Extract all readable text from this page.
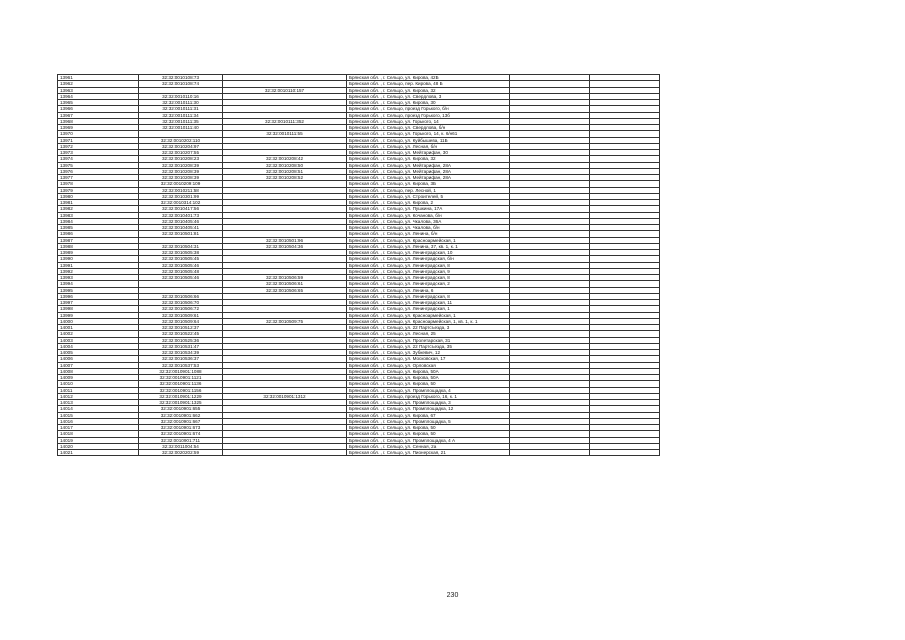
13961	32:32:0010108:73		Брянская обл. , г. Сельцо, ул. Кирова, 42Б		
13962	32:32:0010108:74		Брянская обл. , г. Сельцо, пер. Кирова, 48 Б		
13963		32:32:0010110:157	Брянская обл. , г. Сельцо, ул. Кирова, 32		
13964	32:32:0010110:16		Брянская обл. , г. Сельцо, ул. Свердлова, 3		
13965	32:32:0010111:30		Брянская обл. , г. Сельцо, ул. Кирова, 30		
13966	32:32:0010111:31		Брянская обл. , г. Сельцо, проезд Горького, б/н		
13967	32:32:0010111:34		Брянская обл. , г. Сельцо, проезд Горького, 13б		
13968	32:32:0010111:35	32:32:0010111:352	Брянская обл. , г. Сельцо, ул. Горького, 14		
13969	32:32:0010111:40		Брянская обл. , г. Сельцо, ул. Свердлова, б/н		
13970		32:32:0010111:55	Брянская обл. , г. Сельцо, ул. Горького, 14, к. 6/н61		
13971	32:32:0010202:110		Брянская обл. , г. Сельцо, ул. Куйбышева, 11Б		
13972	32:32:0010204:97		Брянская обл. , г. Сельцо, ул. Лесная, б/н		
13973	32:32:0010207:55		Брянская обл. , г. Сельцо, ул. Мейтарифан, 30		
13974	32:32:0010208:23	32:32:0010208:42	Брянская обл. , г. Сельцо, ул. Кирова, 32		
13975	32:32:0010208:39	32:32:0010208:50	Брянская обл. , г. Сельцо, ул. Мейтарифан, 28А		
13976	32:32:0010208:39	32:32:0010208:51	Брянская обл. , г. Сельцо, ул. Мейтарифан, 28А		
13977	32:32:0010208:39	32:32:0010208:52	Брянская обл. , г. Сельцо, ул. Мейтарифан, 28А		
13978	32:32:0010209:109		Брянская обл. , г. Сельцо, ул. Кирова, 3Б		
13979	32:32:0010211:58		Брянская обл. , г. Сельцо, пер. Лесной, 1		
13980	32:32:0010301:99		Брянская обл. , г. Сельцо, ул. Строителей, 5		
13981	32:32:0010314:102		Брянская обл. , г. Сельцо, ул. Кирова, 2		
13982	32:32:0010417:56		Брянская обл. , г. Сельцо, ул. Пушкина, 17А		
13983	32:32:0010401:73		Брянская обл. , г. Сельцо, ул. Кочанова, б/н		
13984	32:32:0010405:46		Брянская обл. , г. Сельцо, ул. Чкалова, 36А		
13985	32:32:0010405:41		Брянская обл. , г. Сельцо, ул. Чкалова, б/н		
13986	32:32:0010501:81		Брянская обл. , г. Сельцо, ул. Ленина, б/н		
13987		32:32:0010501:96	Брянская обл. , г. Сельцо, ул. Красноармейская, 1		
13988	32:32:0010504:31	32:32:0010504:36	Брянская обл. , г. Сельцо, ул. Ленина, 37, кв. 1, к. 1		
13989	32:32:0010505:38		Брянская обл. , г. Сельцо, ул. Ленинградская, 10		
13990	32:32:0010505:45		Брянская обл. , г. Сельцо, ул. Ленинградская, б/н		
13991	32:32:0010505:46		Брянская обл. , г. Сельцо, ул. Ленинградская, 8		
13992	32:32:0010505:48		Брянская обл. , г. Сельцо, ул. Ленинградская, 9		
13993	32:32:0010505:46	32:32:0010506:59	Брянская обл. , г. Сельцо, ул. Ленинградская, 8		
13994		32:32:0010506:61	Брянская обл. , г. Сельцо, ул. Ленинградская, 2		
13995		32:32:0010506:65	Брянская обл. , г. Сельцо, ул. Ленина, 6		
13996	32:32:0010506:66		Брянская обл. , г. Сельцо, ул. Ленинградская, 8		
13997	32:32:0010506:70		Брянская обл. , г. Сельцо, ул. Ленинградская, 11		
13998	32:32:0010506:72		Брянская обл. , г. Сельцо, ул. Ленинградская, 1		
13999	32:32:0010509:61		Брянская обл. , г. Сельцо, ул. Красноармейская, 1		
14000	32:32:0010509:64	32:32:0010509:75	Брянская обл. , г. Сельцо, ул. Красноармейская, 1, кв. 1, к. 1		
14001	32:32:0010512:37		Брянская обл. , г. Сельцо, ул. 22 Партсъезда, 3		
14002	32:32:0010522:45		Брянская обл. , г. Сельцо, ул. Лесная, 25		
14003	32:32:0010525:36		Брянская обл. , г. Сельцо, ул. Пролетарская, 31		
14004	32:32:0010531:47		Брянская обл. , г. Сельцо, ул. 22 Партсъезда, 35		
14005	32:32:0010534:39		Брянская обл. , г. Сельцо, ул. Зубкевич, 12		
14006	32:32:0010536:37		Брянская обл. , г. Сельцо, ул. Московская, 17		
14007	32:32:0010537:53		Брянская обл. , г. Сельцо, ул. Орловская		
14008	32:32:0010901:1088		Брянская обл. , г. Сельцо, ул. Кирова, 50А		
14009	32:32:0010901:1121		Брянская обл. , г. Сельцо, ул. Кирова, 50А		
14010	32:32:0010901:1136		Брянская обл. , г. Сельцо, ул. Кирова, 50		
14011	32:32:0010901:1156		Брянская обл. , г. Сельцо, ул. Промплощадка, 4		
14012	32:32:0010901:1229	32:32:0010901:1312	Брянская обл. , г. Сельцо, проезд Горького, 16, к. 1		
14013	32:32:0010901:1325		Брянская обл. , г. Сельцо, ул. Промплощадка, 3		
14014	32:32:0010901:655		Брянская обл. , г. Сельцо, ул. Промплощадка, 12		
14015	32:32:0010901:662		Брянская обл. , г. Сельцо, ул. Кирова, 67		
14016	32:32:0010901:667		Брянская обл. , г. Сельцо, ул. Промплощадка, 5		
14017	32:32:0010901:673		Брянская обл. , г. Сельцо, ул. Кирова, 50		
14018	32:32:0010901:674		Брянская обл. , г. Сельцо, ул. Кирова, 50		
14019	32:32:0010901:711		Брянская обл. , г. Сельцо, ул. Промплощадка, 4 А		
14020	32:32:0011004:54		Брянская обл. , г. Сельцо, ул. Сенная, 2а		
14021	32:32:0020202:59		Брянская обл. , г. Сельцо, ул. Пионерская, 21		
230
